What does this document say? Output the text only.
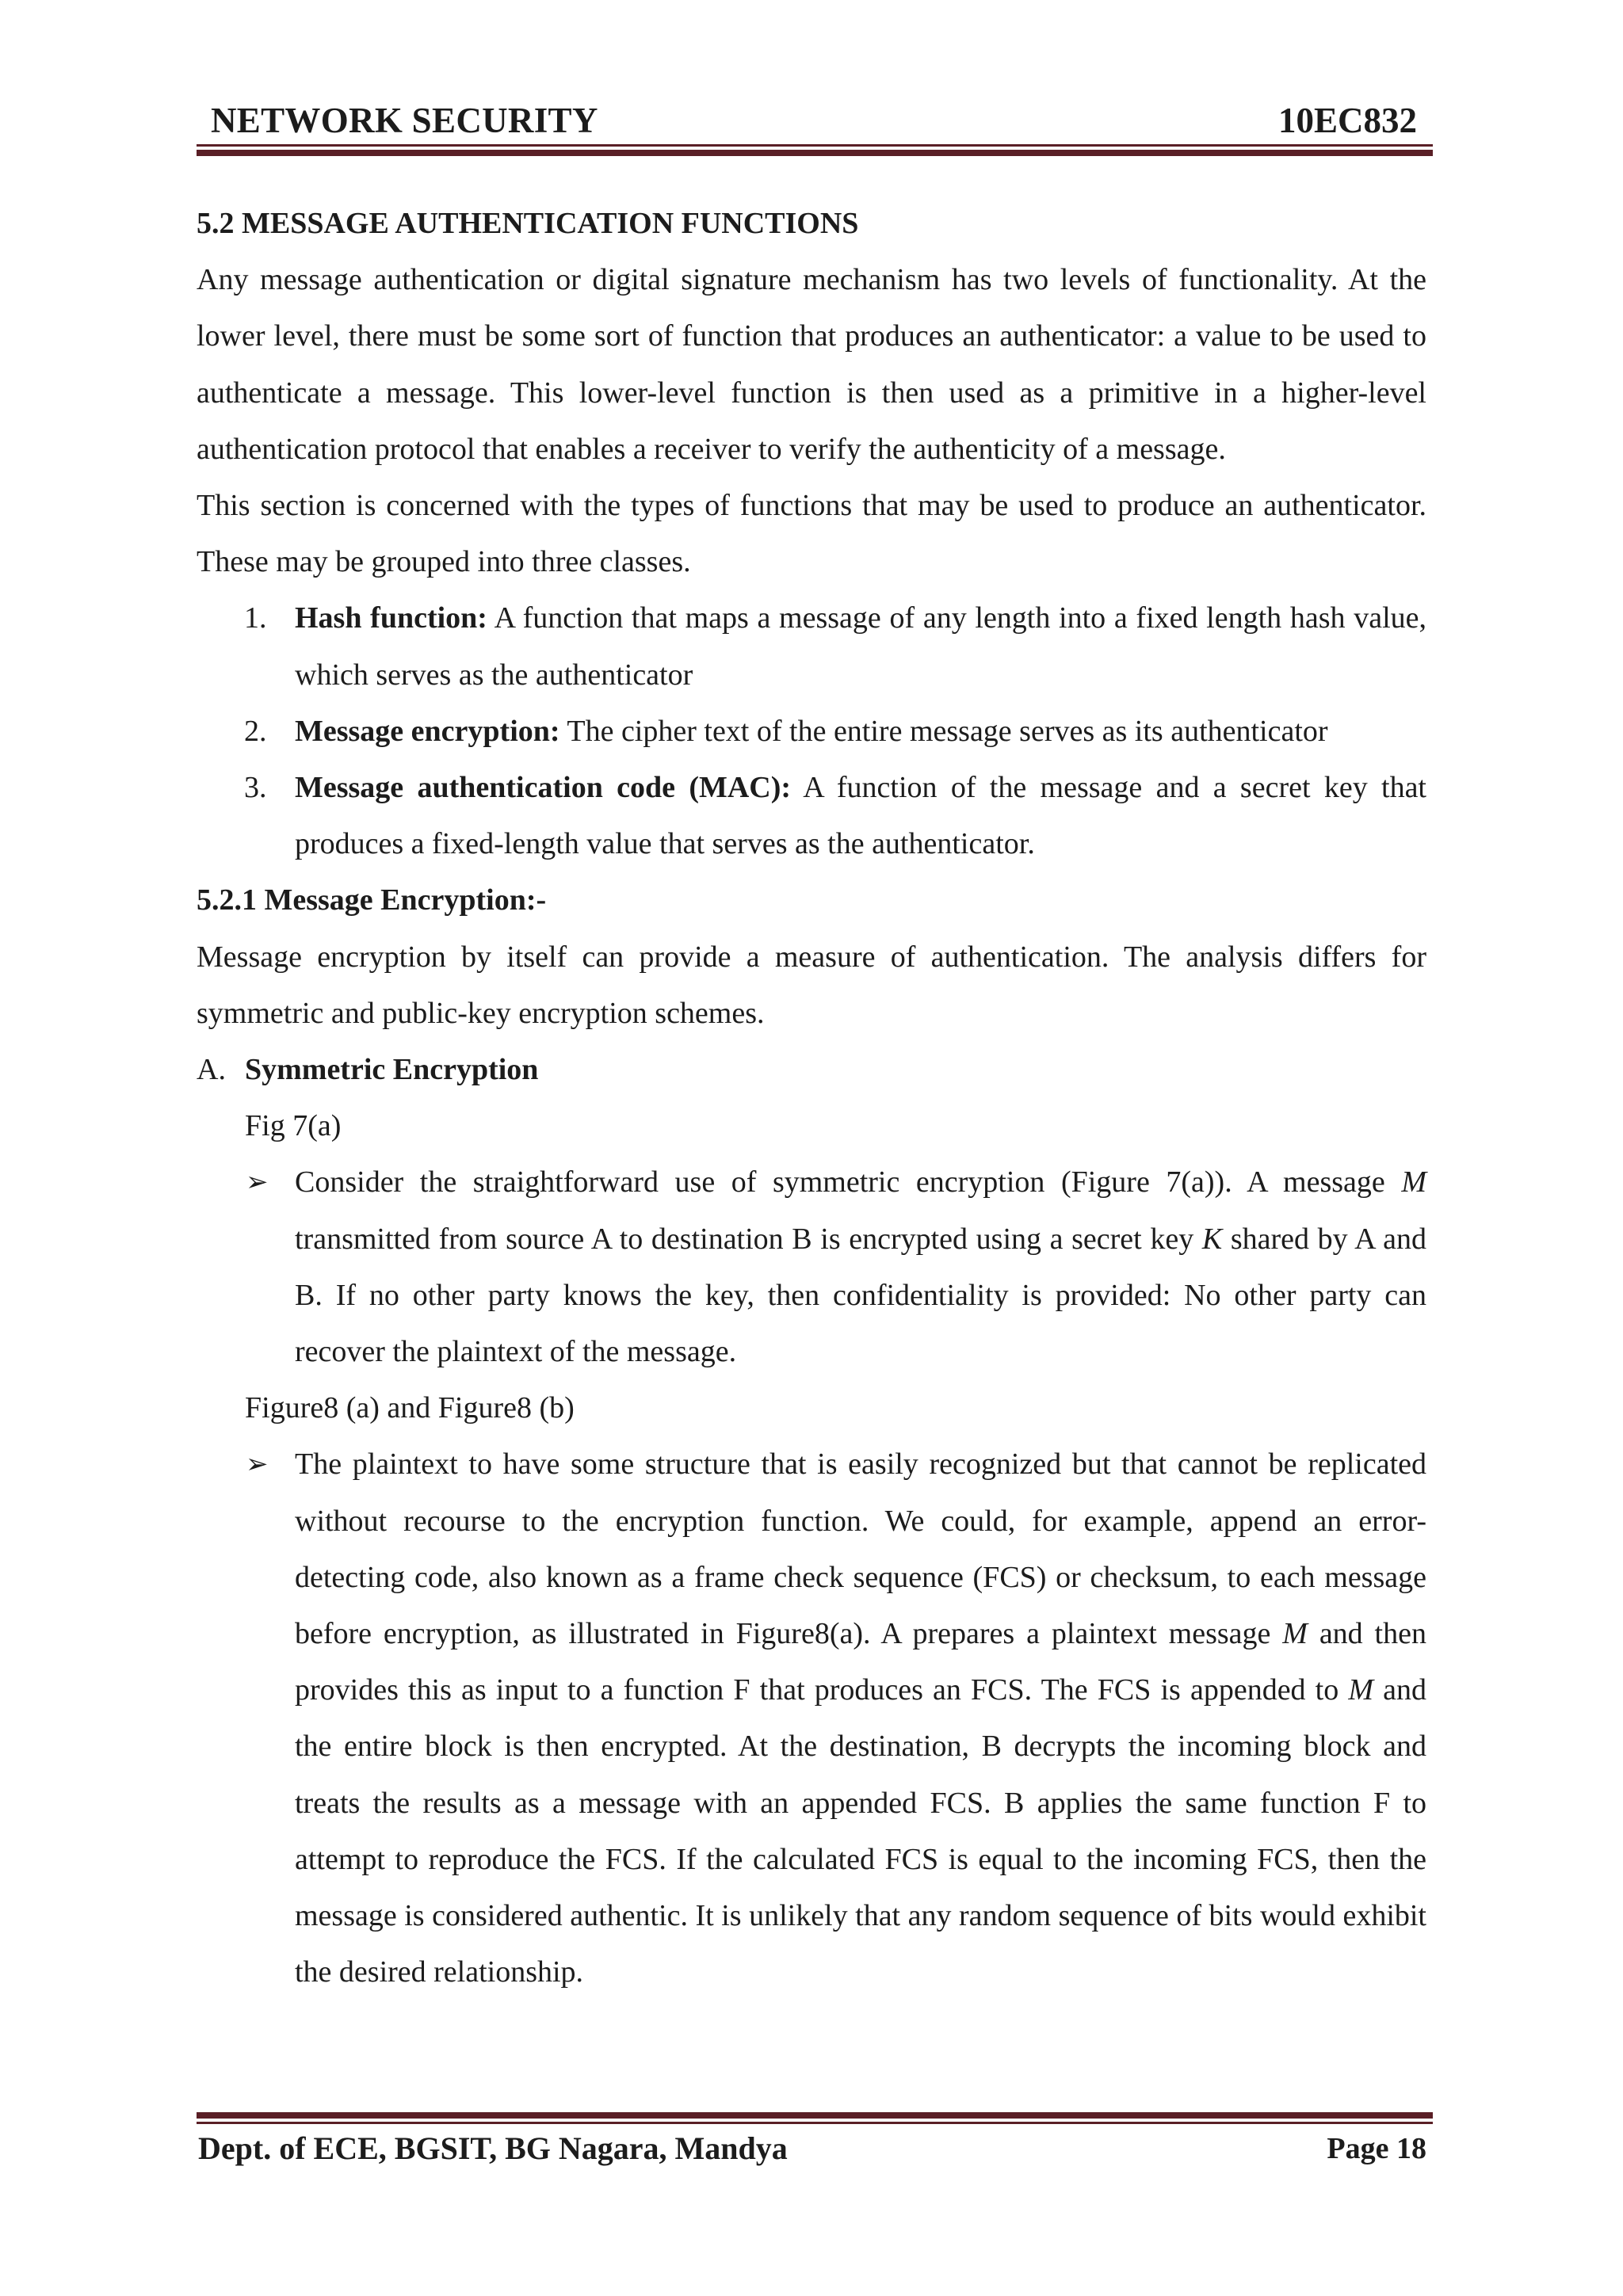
NETWORK SECURITY	10EC832

5.2 MESSAGE AUTHENTICATION FUNCTIONS

Any message authentication or digital signature mechanism has two levels of functionality. At the lower level, there must be some sort of function that produces an authenticator: a value to be used to authenticate a message. This lower-level function is then used as a primitive in a higher-level authentication protocol that enables a receiver to verify the authenticity of a message.

This section is concerned with the types of functions that may be used to produce an authenticator. These may be grouped into three classes.

1. Hash function: A function that maps a message of any length into a fixed length hash value, which serves as the authenticator
2. Message encryption: The cipher text of the entire message serves as its authenticator
3. Message authentication code (MAC): A function of the message and a secret key that produces a fixed-length value that serves as the authenticator.

5.2.1 Message Encryption:-

Message encryption by itself can provide a measure of authentication. The analysis differs for symmetric and public-key encryption schemes.

A. Symmetric Encryption

Fig 7(a)

➢ Consider the straightforward use of symmetric encryption (Figure 7(a)). A message M transmitted from source A to destination B is encrypted using a secret key K shared by A and B. If no other party knows the key, then confidentiality is provided: No other party can recover the plaintext of the message.

Figure8 (a) and Figure8 (b)

➢ The plaintext to have some structure that is easily recognized but that cannot be replicated without recourse to the encryption function. We could, for example, append an error-detecting code, also known as a frame check sequence (FCS) or checksum, to each message before encryption, as illustrated in Figure8(a). A prepares a plaintext message M and then provides this as input to a function F that produces an FCS. The FCS is appended to M and the entire block is then encrypted. At the destination, B decrypts the incoming block and treats the results as a message with an appended FCS. B applies the same function F to attempt to reproduce the FCS. If the calculated FCS is equal to the incoming FCS, then the message is considered authentic. It is unlikely that any random sequence of bits would exhibit the desired relationship.

Dept. of ECE, BGSIT, BG Nagara, Mandya	Page 18
